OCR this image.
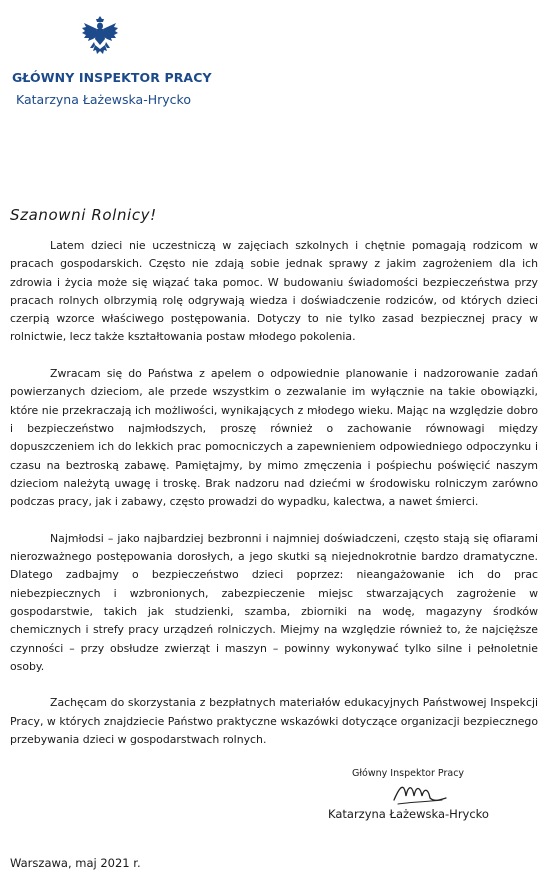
GŁÓWNY INSPEKTOR PRACY
Katarzyna Łażewska-Hrycko
Szanowni Rolnicy!

Latem dzieci nie uczestniczą w zajęciach szkolnych i chętnie pomagają rodzicom w pracach gospodarskich. Często nie zdają sobie jednak sprawy z jakim zagrożeniem dla ich zdrowia i życia może się wiązać taka pomoc. W budowaniu świadomości bezpieczeństwa przy pracach rolnych olbrzymią rolę odgrywają wiedza i doświadczenie rodziców, od których dzieci czerpią wzorce właściwego postępowania. Dotyczy to nie tylko zasad bezpiecznej pracy w rolnictwie, lecz także kształtowania postaw młodego pokolenia.

Zwracam się do Państwa z apelem o odpowiednie planowanie i nadzorowanie zadań powierzanych dzieciom, ale przede wszystkim o zezwalanie im wyłącznie na takie obowiązki, które nie przekraczają ich możliwości, wynikających z młodego wieku. Mając na względzie dobro i bezpieczeństwo najmłodszych, proszę również o zachowanie równowagi między dopuszczeniem ich do lekkich prac pomocniczych a zapewnieniem odpowiedniego odpoczynku i czasu na beztroską zabawę. Pamiętajmy, by mimo zmęczenia i pośpiechu poświęcić naszym dzieciom należytą uwagę i troskę. Brak nadzoru nad dziećmi w środowisku rolniczym zarówno podczas pracy, jak i zabawy, często prowadzi do wypadku, kalectwa, a nawet śmierci.

Najmłodsi – jako najbardziej bezbronni i najmniej doświadczeni, często stają się ofiarami nierozważnego postępowania dorosłych, a jego skutki są niejednokrotnie bardzo dramatyczne. Dlatego zadbajmy o bezpieczeństwo dzieci poprzez: nieangażowanie ich do prac niebezpiecznych i wzbronionych, zabezpieczenie miejsc stwarzających zagrożenie w gospodarstwie, takich jak studzienki, szamba, zbiorniki na wodę, magazyny środków chemicznych i strefy pracy urządzeń rolniczych. Miejmy na względzie również to, że najcięższe czynności – przy obsłudze zwierząt i maszyn – powinny wykonywać tylko silne i pełnoletnie osoby.

Zachęcam do skorzystania z bezpłatnych materiałów edukacyjnych Państwowej Inspekcji Pracy, w których znajdziecie Państwo praktyczne wskazówki dotyczące organizacji bezpiecznego przebywania dzieci w gospodarstwach rolnych.

Główny Inspektor Pracy
Katarzyna Łażewska-Hrycko
Warszawa, maj 2021 r.
